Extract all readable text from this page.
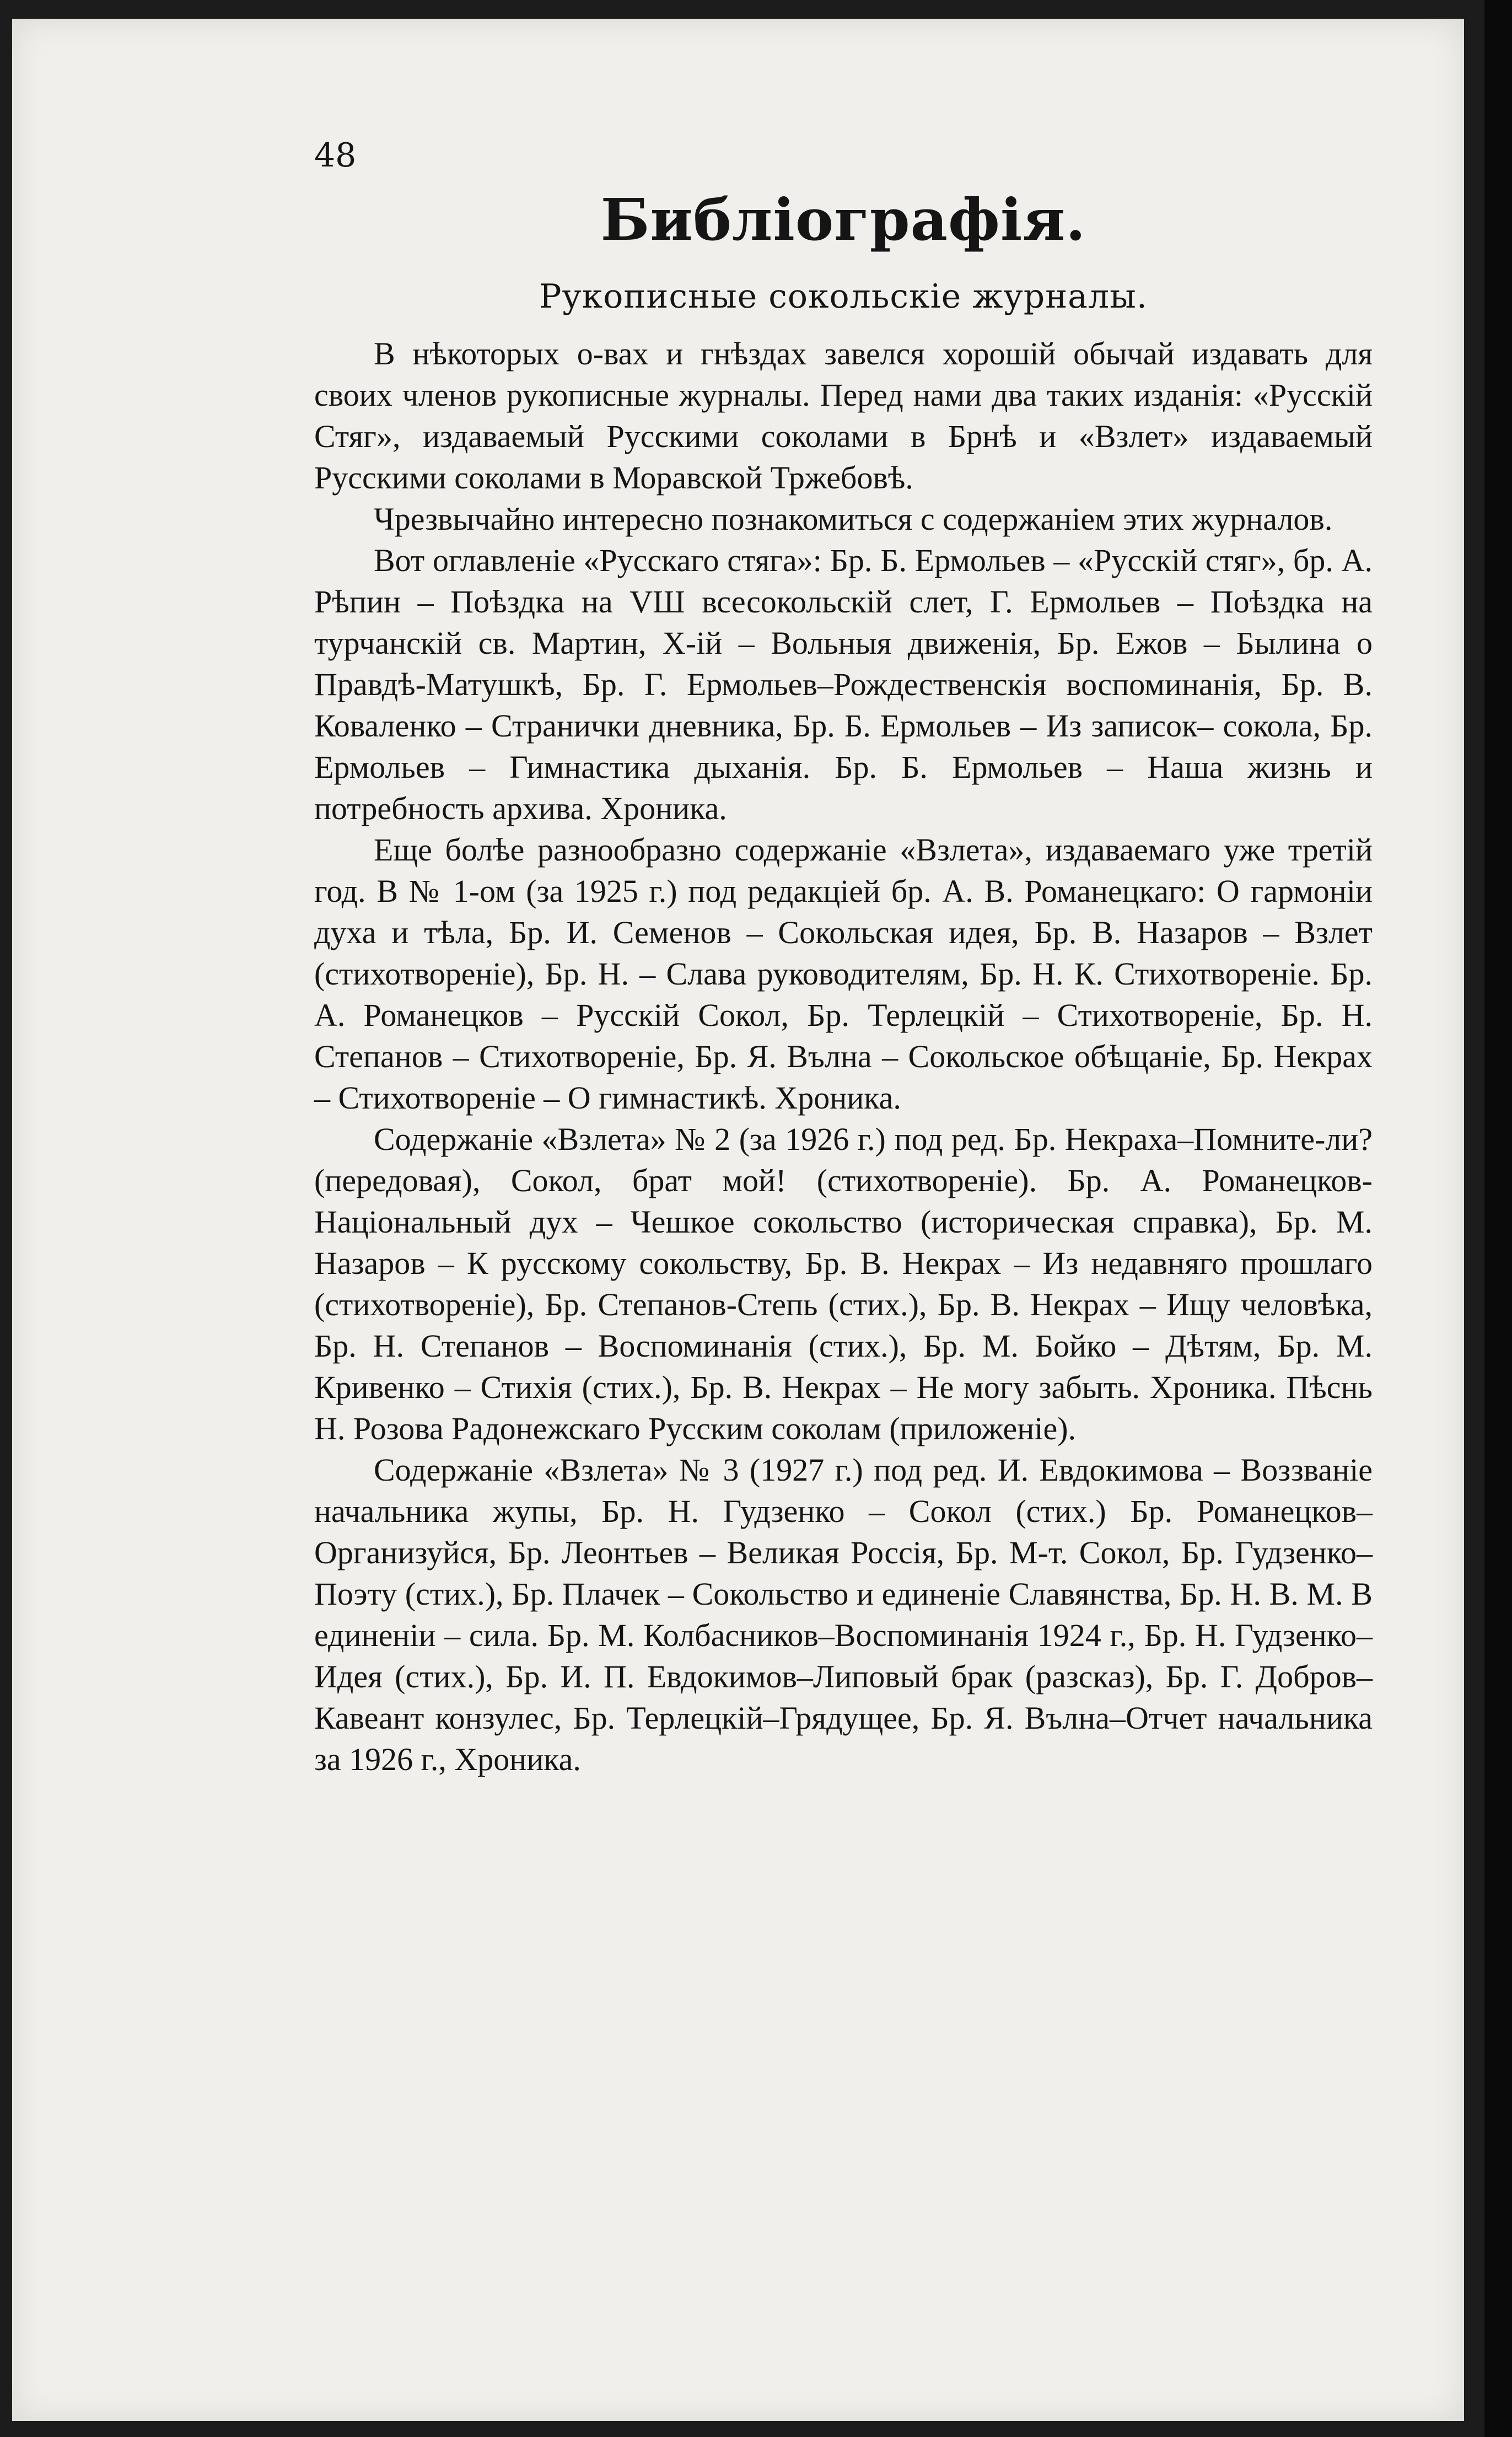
48
Библіографія.
Рукописные сокольскіе журналы.

В нѣкоторых о-вах и гнѣздах завелся хорошій обычай издавать для своих членов рукописные журналы. Перед нами два таких изданія: «Русскій Стяг», издаваемый Русскими соколами в Брнѣ и «Взлет» издаваемый Русскими соколами в Моравской Тржебовѣ.

Чрезвычайно интересно познакомиться с содержаніем этих журналов.

Вот оглавленіе «Русскаго стяга»: Бр. Б. Ермольев – «Русскій стяг», бр. А. Рѣпин – Поѣздка на VШ всесокольскій слет, Г. Ермольев – Поѣздка на турчанскій св. Мартин, Х-ій – Вольныя движенія, Бр. Ежов – Былина о Правдѣ-Матушкѣ, Бр. Г. Ермольев–Рождественскія воспоминанія, Бр. В. Коваленко – Странички дневника, Бр. Б. Ермольев – Из записок– сокола, Бр. Ермольев – Гимнастика дыханія. Бр. Б. Ермольев – Наша жизнь и потребность архива. Хроника.

Еще болѣе разнообразно содержаніе «Взлета», издаваемаго уже третій год. В № 1-ом (за 1925 г.) под редакціей бр. А. В. Романецкаго: О гармоніи духа и тѣла, Бр. И. Семенов – Сокольская идея, Бр. В. Назаров – Взлет (стихотвореніе), Бр. Н. – Слава руководителям, Бр. Н. К. Стихотвореніе. Бр. А. Романецков – Русскій Сокол, Бр. Терлецкій – Стихотвореніе, Бр. Н. Степанов – Стихотвореніе, Бр. Я. Вълна – Сокольское обѣщаніе, Бр. Некрах – Стихотвореніе – О гимнастикѣ. Хроника.

Содержаніе «Взлета» № 2 (за 1926 г.) под ред. Бр. Некраха–Помните-ли? (передовая), Сокол, брат мой! (стихотвореніе). Бр. А. Романецков-Національный дух – Чешкое сокольство (историческая справка), Бр. М. Назаров – К русскому сокольству, Бр. В. Некрах – Из недавняго прошлаго (стихотвореніе), Бр. Степанов-Степь (стих.), Бр. В. Некрах – Ищу человѣка, Бр. Н. Степанов – Воспоминанія (стих.), Бр. М. Бойко – Дѣтям, Бр. М. Кривенко – Стихія (стих.), Бр. В. Некрах – Не могу забыть. Хроника. Пѣснь Н. Розова Радонежскаго Русским соколам (приложеніе).

Содержаніе «Взлета» № 3 (1927 г.) под ред. И. Евдокимова – Воззваніе начальника жупы, Бр. Н. Гудзенко – Сокол (стих.) Бр. Романецков–Организуйся, Бр. Леонтьев – Великая Россія, Бр. М-т. Сокол, Бр. Гудзенко–Поэту (стих.), Бр. Плачек – Сокольство и единеніе Славянства, Бр. Н. В. М. В единеніи – сила. Бр. М. Колбасников–Воспоминанія 1924 г., Бр. Н. Гудзенко–Идея (стих.), Бр. И. П. Евдокимов–Липовый брак (разсказ), Бр. Г. Добров–Кавеант конзулес, Бр. Терлецкій–Грядущее, Бр. Я. Вълна–Отчет начальника за 1926 г., Хроника.
